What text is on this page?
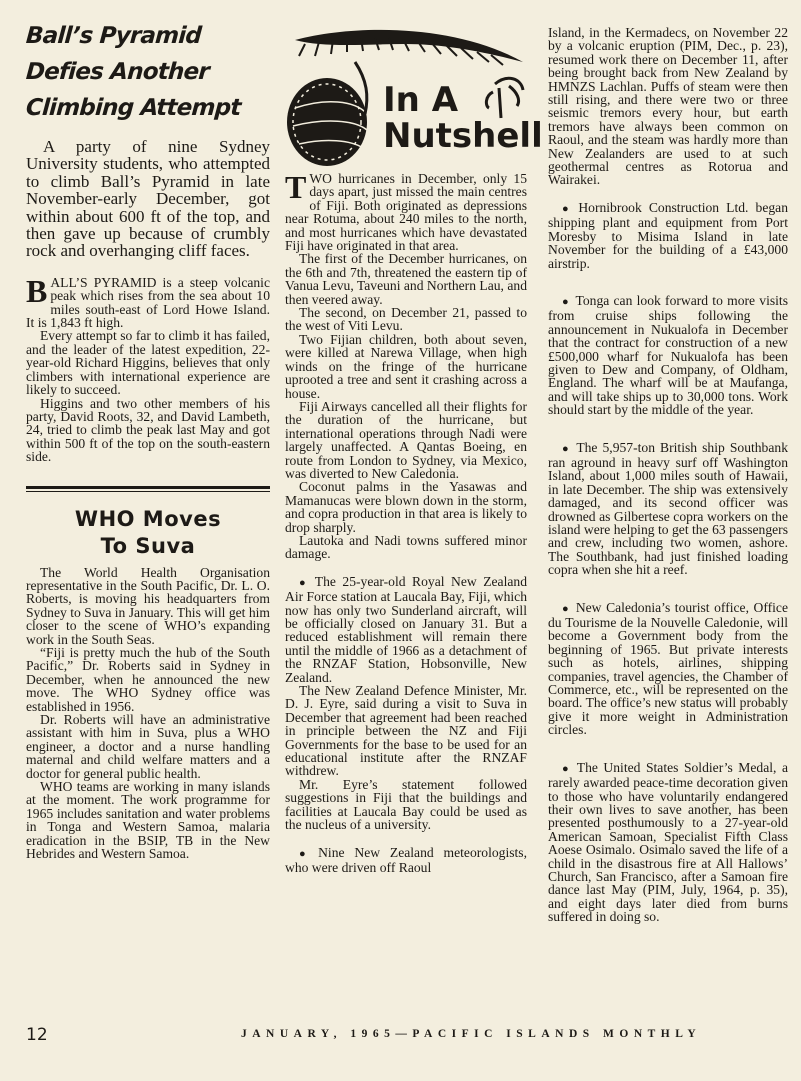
Ball’s Pyramid

Defies Another

Climbing Attempt

A party of nine Sydney University students, who attempted to climb Ball’s Pyramid in late November-early December, got within about 600 ft of the top, and then gave up because of crumbly rock and overhanging cliff faces.

BALL’S PYRAMID is a steep volcanic peak which rises from the sea about 10 miles south-east of Lord Howe Island. It is 1,843 ft high.

Every attempt so far to climb it has failed, and the leader of the latest expedition, 22-year-old Richard Higgins, believes that only climbers with international experience are likely to succeed.

Higgins and two other members of his party, David Roots, 32, and David Lambeth, 24, tried to climb the peak last May and got within 500 ft of the top on the south-eastern side.

WHO Moves
To Suva

The World Health Organisation representative in the South Pacific, Dr. L. O. Roberts, is moving his headquarters from Sydney to Suva in January. This will get him closer to the scene of WHO’s expanding work in the South Seas.

“Fiji is pretty much the hub of the South Pacific,” Dr. Roberts said in Sydney in December, when he announced the new move. The WHO Sydney office was established in 1956.

Dr. Roberts will have an administrative assistant with him in Suva, plus a WHO engineer, a doctor and a nurse handling maternal and child welfare matters and a doctor for general public health.

WHO teams are working in many islands at the moment. The work programme for 1965 includes sanitation and water problems in Tonga and Western Samoa, malaria eradication in the BSIP, TB in the New Hebrides and Western Samoa.

In A
Nutshell

TWO hurricanes in December, only 15 days apart, just missed the main centres of Fiji. Both originated as depressions near Rotuma, about 240 miles to the north, and most hurricanes which have devastated Fiji have originated in that area.

The first of the December hurricanes, on the 6th and 7th, threatened the eastern tip of Vanua Levu, Taveuni and Northern Lau, and then veered away.

The second, on December 21, passed to the west of Viti Levu.

Two Fijian children, both about seven, were killed at Narewa Village, when high winds on the fringe of the hurricane uprooted a tree and sent it crashing across a house.

Fiji Airways cancelled all their flights for the duration of the hurricane, but international operations through Nadi were largely unaffected. A Qantas Boeing, en route from London to Sydney, via Mexico, was diverted to New Caledonia.

Coconut palms in the Yasawas and Mamanucas were blown down in the storm, and copra production in that area is likely to drop sharply.

Lautoka and Nadi towns suffered minor damage.

● The 25-year-old Royal New Zealand Air Force station at Laucala Bay, Fiji, which now has only two Sunderland aircraft, will be officially closed on January 31. But a reduced establishment will remain there until the middle of 1966 as a detachment of the RNZAF Station, Hobsonville, New Zealand.

The New Zealand Defence Minister, Mr. D. J. Eyre, said during a visit to Suva in December that agreement had been reached in principle between the NZ and Fiji Governments for the base to be used for an educational institute after the RNZAF withdrew.

Mr. Eyre’s statement followed suggestions in Fiji that the buildings and facilities at Laucala Bay could be used as the nucleus of a university.

● Nine New Zealand meteorologists, who were driven off Raoul

Island, in the Kermadecs, on November 22 by a volcanic eruption (PIM, Dec., p. 23), resumed work there on December 11, after being brought back from New Zealand by HMNZS Lachlan. Puffs of steam were then still rising, and there were two or three seismic tremors every hour, but earth tremors have always been common on Raoul, and the steam was hardly more than New Zealanders are used to at such geothermal centres as Rotorua and Wairakei.

● Hornibrook Construction Ltd. began shipping plant and equipment from Port Moresby to Misima Island in late November for the building of a £43,000 airstrip.

● Tonga can look forward to more visits from cruise ships following the announcement in Nukualofa in December that the contract for construction of a new £500,000 wharf for Nukualofa has been given to Dew and Company, of Oldham, England. The wharf will be at Maufanga, and will take ships up to 30,000 tons. Work should start by the middle of the year.

● The 5,957-ton British ship Southbank ran aground in heavy surf off Washington Island, about 1,000 miles south of Hawaii, in late December. The ship was extensively damaged, and its second officer was drowned as Gilbertese copra workers on the island were helping to get the 63 passengers and crew, including two women, ashore. The Southbank, had just finished loading copra when she hit a reef.

● New Caledonia’s tourist office, Office du Tourisme de la Nouvelle Caledonie, will become a Government body from the beginning of 1965. But private interests such as hotels, airlines, shipping companies, travel agencies, the Chamber of Commerce, etc., will be represented on the board. The office’s new status will probably give it more weight in Administration circles.

● The United States Soldier’s Medal, a rarely awarded peace-time decoration given to those who have voluntarily endangered their own lives to save another, has been presented posthumously to a 27-year-old American Samoan, Specialist Fifth Class Aoese Osimalo. Osimalo saved the life of a child in the disastrous fire at All Hallows’ Church, San Francisco, after a Samoan fire dance last May (PIM, July, 1964, p. 35), and eight days later died from burns suffered in doing so.

12	JANUARY, 1965—PACIFIC ISLANDS MONTHLY
